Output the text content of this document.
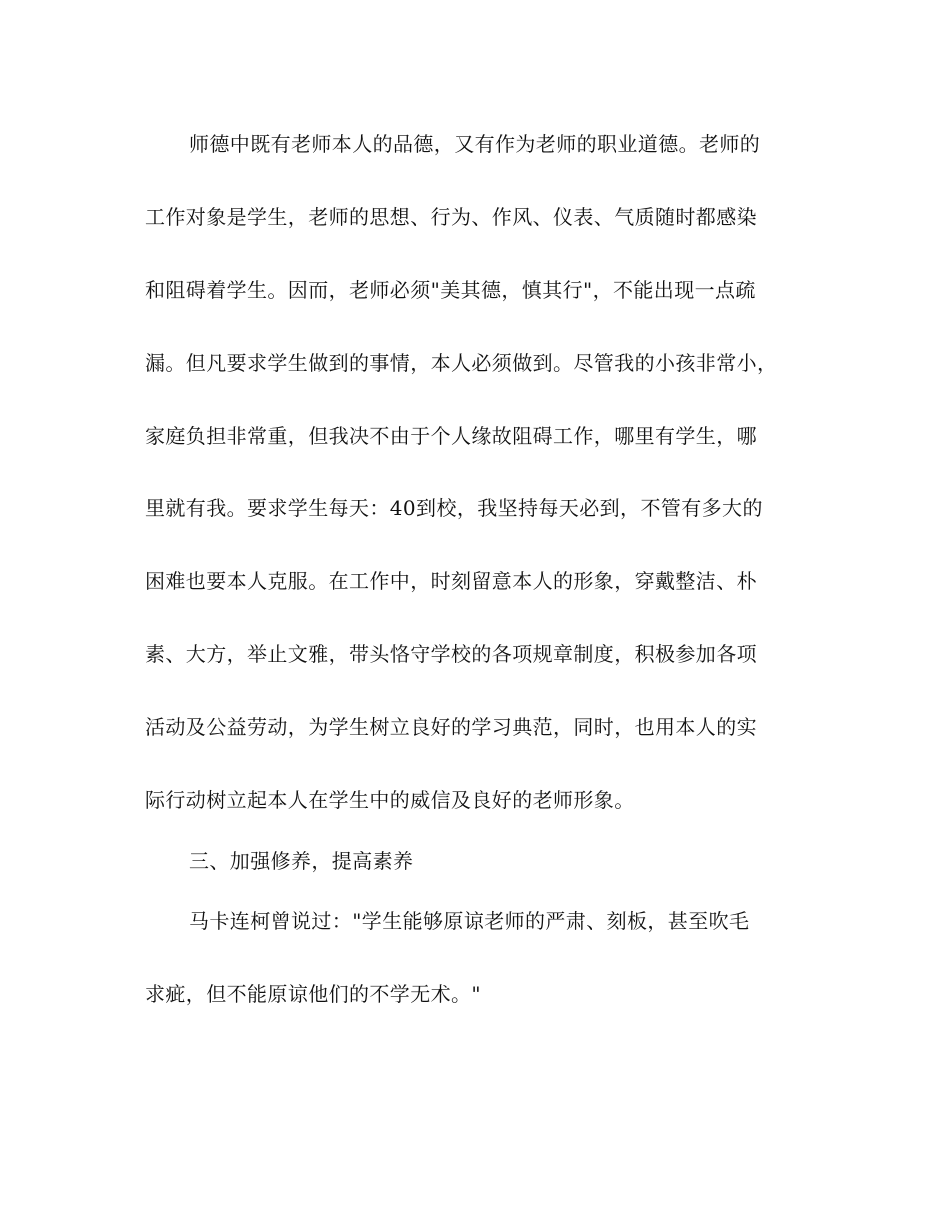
师德中既有老师本人的品德，又有作为老师的职业道德。老师的
工作对象是学生，老师的思想、行为、作风、仪表、气质随时都感染
和阻碍着学生。因而，老师必须"美其德，慎其行"，不能出现一点疏
漏。但凡要求学生做到的事情，本人必须做到。尽管我的小孩非常小，
家庭负担非常重，但我决不由于个人缘故阻碍工作，哪里有学生，哪
里就有我。要求学生每天：40到校，我坚持每天必到，不管有多大的
困难也要本人克服。在工作中，时刻留意本人的形象，穿戴整洁、朴
素、大方，举止文雅，带头恪守学校的各项规章制度，积极参加各项
活动及公益劳动，为学生树立良好的学习典范，同时，也用本人的实
际行动树立起本人在学生中的威信及良好的老师形象。
三、加强修养，提高素养
马卡连柯曾说过："学生能够原谅老师的严肃、刻板，甚至吹毛
求疵，但不能原谅他们的不学无术。"
